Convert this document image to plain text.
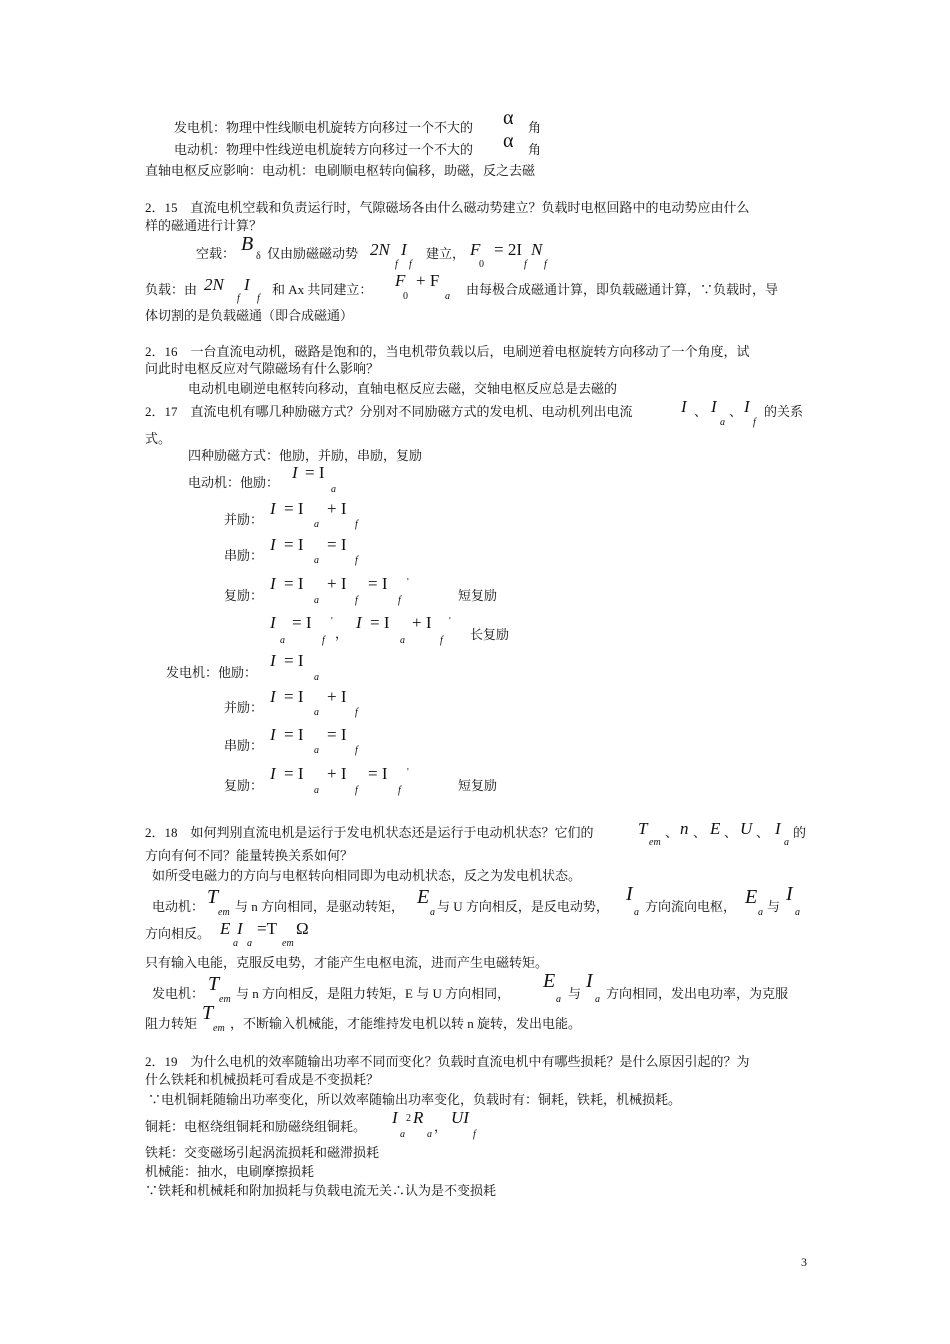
发电机：物理中性线顺电机旋转方向移过一个不大的 α 角
电动机：物理中性线逆电机旋转方向移过一个不大的 α 角
直轴电枢反应影响：电动机：电刷顺电枢转向偏移，助磁，反之去磁
2．15　直流电机空载和负责运行时，气隙磁场各由什么磁动势建立？负载时电枢回路中的电动势应由什么
样的磁通进行计算？
空载： B
δ 仅由励磁磁动势 2N I
f f
建立， F
0
= 2I
f
N
f
负载：由 2N I
f f
和 Ax 共同建立： F
0
+ F
a 由每极合成磁通计算，即负载磁通计算，∵负载时，导
体切割的是负载磁通（即合成磁通）
2．16　一台直流电动机，磁路是饱和的，当电机带负载以后，电刷逆着电枢旋转方向移动了一个角度，试
问此时电枢反应对气隙磁场有什么影响？
电动机电刷逆电枢转向移动，直轴电枢反应去磁，交轴电枢反应总是去磁的
2．17　直流电机有哪几种励磁方式？分别对不同励磁方式的发电机、电动机列出电流	I 、 I
a
、 I
f
的关系
式。
四种励磁方式：他励，并励，串励，复励
电动机：他励：
I = I
a
并励：
I = I
a
+ I
f
串励：
I = I
a
= I
f
复励：
I = I
a
+ I
f
= I
f
'
短复励
I
a
= I
f
'
，
I = I
a
+ I
f
'
长复励
发电机：他励：
I = I
a
并励：
I = I
a
+ I
f
串励：
I = I
a
= I
f
复励：
I = I
a
+ I
f
= I
f
'
短复励
2．18　如何判别直流电机是运行于发电机状态还是运行于电动机状态？它们的	T
em
、 n 、 E 、 U 、 I
a
的
方向有何不同？能量转换关系如何？
如所受电磁力的方向与电枢转向相同即为电动机状态，反之为发电机状态。
电动机： T
em 与 n 方向相同，是驱动转矩， E
a 与 U 方向相反，是反电动势，
I
a 方向流向电枢， E
a 与
I
a
方向相反。 E
a
I
a
=T
em
Ω
只有输入电能，克服反电势，才能产生电枢电流，进而产生电磁转矩。
发电机： T
em 与 n 方向相反，是阻力转矩，E 与 U 方向相同，
E
a 与
I
a 方向相同，发出电功率，为克服
阻力转矩 T
em ，不断输入机械能，才能维持发电机以转 n 旋转，发出电能。
2．19　为什么电机的效率随输出功率不同而变化？负载时直流电机中有哪些损耗？是什么原因引起的？为
什么铁耗和机械损耗可看成是不变损耗？
∵电机铜耗随输出功率变化，所以效率随输出功率变化，负载时有：铜耗，铁耗，机械损耗。
铜耗：电枢绕组铜耗和励磁绕组铜耗。 I
a
2 R
a
， UI
f
铁耗：交变磁场引起涡流损耗和磁滞损耗
机械能：抽水，电刷摩擦损耗
∵铁耗和机械耗和附加损耗与负载电流无关∴认为是不变损耗
3
